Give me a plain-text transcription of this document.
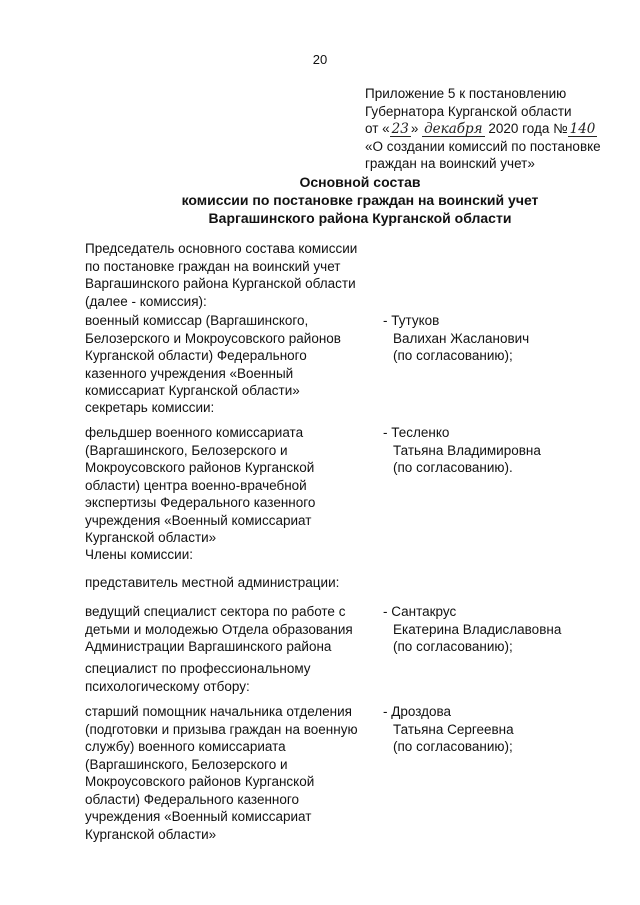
20
Приложение 5 к постановлению
Губернатора Курганской области
от « 23 » декабря 2020 года № 140
«О создании комиссий по постановке
граждан на воинский учет»
Основной состав
комиссии по постановке граждан на воинский учет
Варгашинского района Курганской области
Председатель основного состава комиссии
по постановке граждан на воинский учет
Варгашинского района Курганской области
(далее - комиссия):
военный комиссар (Варгашинского,
Белозерского и Мокроусовского районов
Курганской области) Федерального
казенного учреждения «Военный
комиссариат Курганской области»
- Тутуков
Валихан Жасланович
(по согласованию);
секретарь комиссии:
фельдшер военного комиссариата
(Варгашинского, Белозерского и
Мокроусовского районов Курганской
области) центра военно-врачебной
экспертизы Федерального казенного
учреждения «Военный комиссариат
Курганской области»
- Тесленко
Татьяна Владимировна
(по согласованию).
Члены комиссии:
представитель местной администрации:
ведущий специалист сектора по работе с
детьми и молодежью Отдела образования
Администрации Варгашинского района
- Сантакрус
Екатерина Владиславовна
(по согласованию);
специалист по профессиональному
психологическому отбору:
старший помощник начальника отделения
(подготовки и призыва граждан на военную
службу) военного комиссариата
(Варгашинского, Белозерского и
Мокроусовского районов Курганской
области) Федерального казенного
учреждения «Военный комиссариат
Курганской области»
- Дроздова
Татьяна Сергеевна
(по согласованию);
